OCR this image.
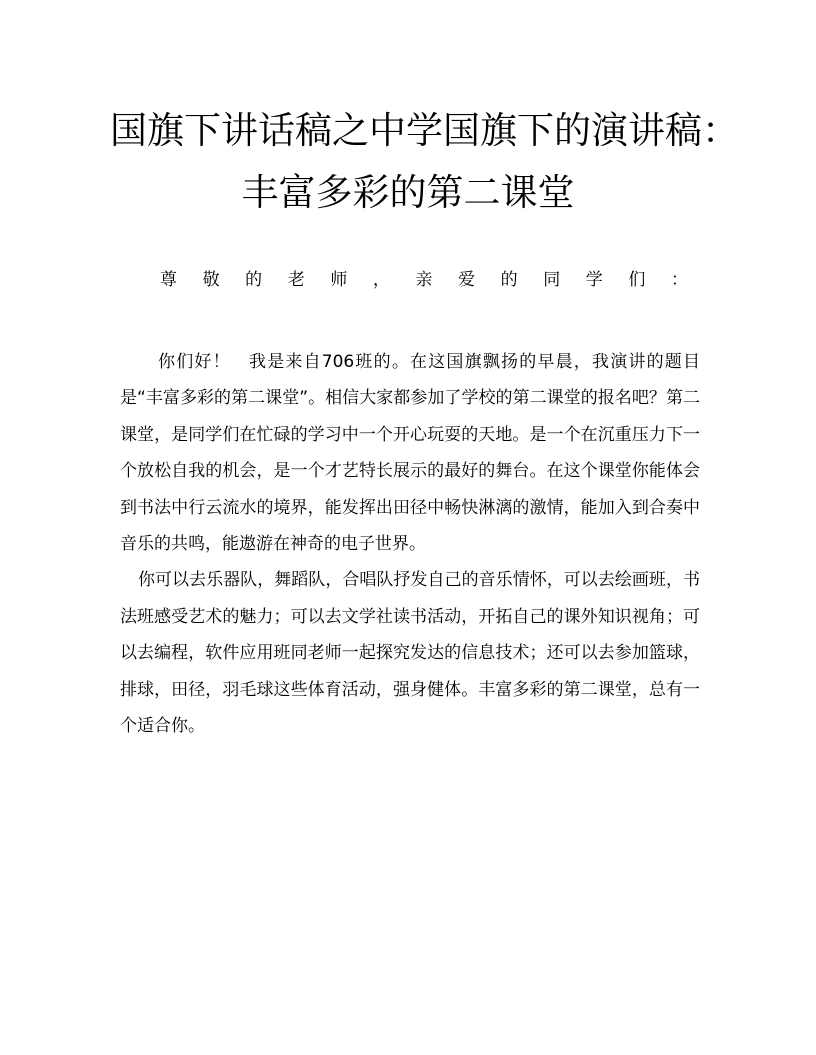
国旗下讲话稿之中学国旗下的演讲稿：
丰富多彩的第二课堂
尊 敬 的 老 师 ， 亲 爱 的 同 学 们 ：

你们好！　我是来自706班的。在这国旗飘扬的早晨，我演讲的题目是“丰富多彩的第二课堂”。相信大家都参加了学校的第二课堂的报名吧？第二课堂，是同学们在忙碌的学习中一个开心玩耍的天地。是一个在沉重压力下一个放松自我的机会，是一个才艺特长展示的最好的舞台。在这个课堂你能体会到书法中行云流水的境界，能发挥出田径中畅快淋漓的激情，能加入到合奏中音乐的共鸣，能遨游在神奇的电子世界。

你可以去乐器队，舞蹈队，合唱队抒发自己的音乐情怀，可以去绘画班，书法班感受艺术的魅力；可以去文学社读书活动，开拓自己的课外知识视角；可以去编程，软件应用班同老师一起探究发达的信息技术；还可以去参加篮球，排球，田径，羽毛球这些体育活动，强身健体。丰富多彩的第二课堂，总有一个适合你。
